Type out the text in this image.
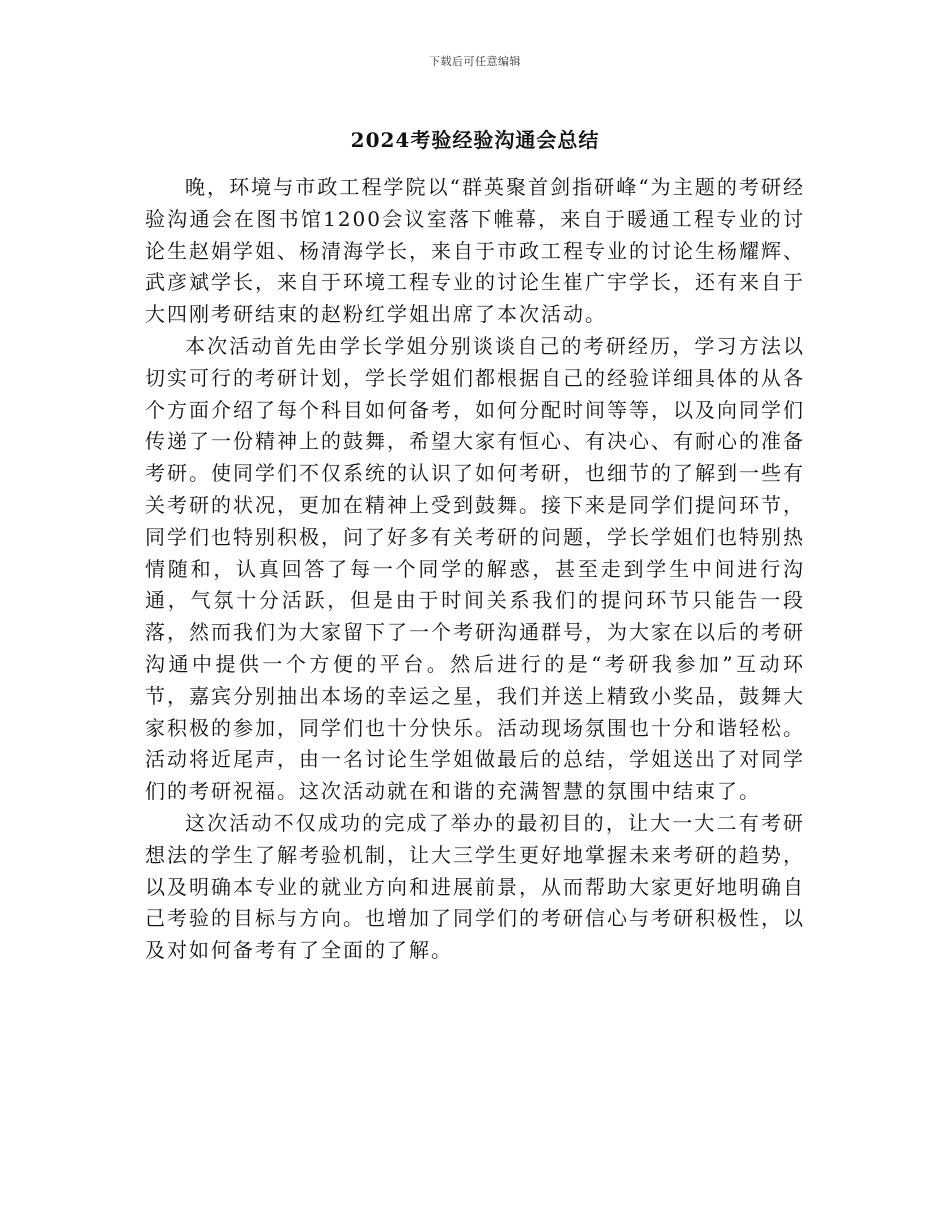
下载后可任意编辑
2024考验经验沟通会总结

晚，环境与市政工程学院以“群英聚首剑指研峰“为主题的考研经验沟通会在图书馆1200会议室落下帷幕，来自于暖通工程专业的讨论生赵娟学姐、杨清海学长，来自于市政工程专业的讨论生杨耀辉、武彦斌学长，来自于环境工程专业的讨论生崔广宇学长，还有来自于大四刚考研结束的赵粉红学姐出席了本次活动。

本次活动首先由学长学姐分别谈谈自己的考研经历，学习方法以切实可行的考研计划，学长学姐们都根据自己的经验详细具体的从各个方面介绍了每个科目如何备考，如何分配时间等等，以及向同学们传递了一份精神上的鼓舞，希望大家有恒心、有决心、有耐心的准备考研。使同学们不仅系统的认识了如何考研，也细节的了解到一些有关考研的状况，更加在精神上受到鼓舞。接下来是同学们提问环节，同学们也特别积极，问了好多有关考研的问题，学长学姐们也特别热情随和，认真回答了每一个同学的解惑，甚至走到学生中间进行沟通，气氛十分活跃，但是由于时间关系我们的提问环节只能告一段落，然而我们为大家留下了一个考研沟通群号，为大家在以后的考研沟通中提供一个方便的平台。然后进行的是“考研我参加”互动环节，嘉宾分别抽出本场的幸运之星，我们并送上精致小奖品，鼓舞大家积极的参加，同学们也十分快乐。活动现场氛围也十分和谐轻松。活动将近尾声，由一名讨论生学姐做最后的总结，学姐送出了对同学们的考研祝福。这次活动就在和谐的充满智慧的氛围中结束了。

这次活动不仅成功的完成了举办的最初目的，让大一大二有考研想法的学生了解考验机制，让大三学生更好地掌握未来考研的趋势，以及明确本专业的就业方向和进展前景，从而帮助大家更好地明确自己考验的目标与方向。也增加了同学们的考研信心与考研积极性，以及对如何备考有了全面的了解。
